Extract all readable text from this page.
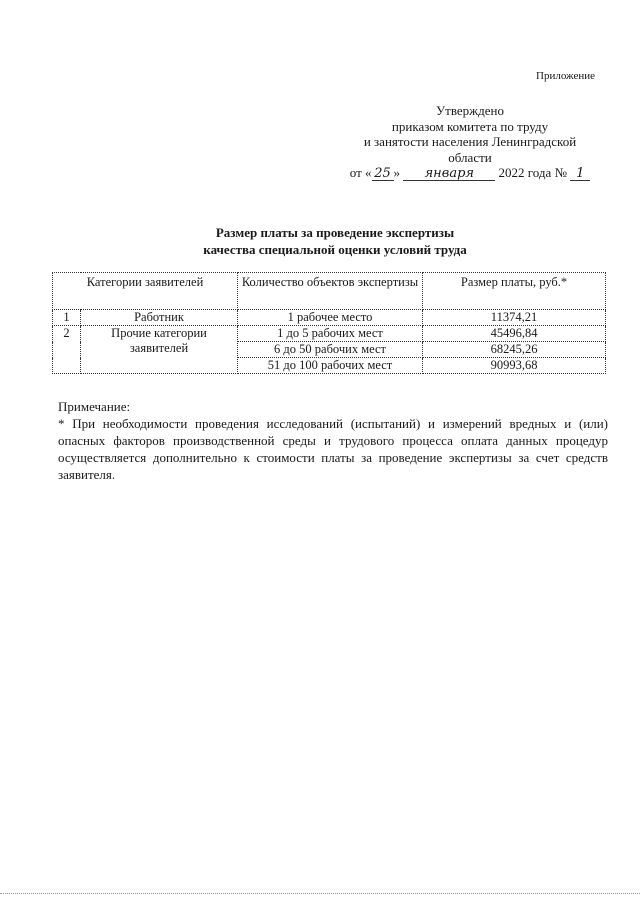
Приложение
Утверждено
приказом комитета по труду
и занятости населения Ленинградской
области
от « 25 » января 2022 года № 1
Размер платы за проведение экспертизы
качества специальной оценки условий труда
Категории заявителей		Количество объектов экспертизы	Размер платы, руб.*
1	Работник	1 рабочее место	11374,21
2	Прочие категории заявителей	1 до 5 рабочих мест	45496,84
		6 до 50 рабочих мест	68245,26
		51 до 100 рабочих мест	90993,68
Примечание:
* При необходимости проведения исследований (испытаний) и измерений вредных и (или) опасных факторов производственной среды и трудового процесса оплата данных процедур осуществляется дополнительно к стоимости платы за проведение экспертизы за счет средств заявителя.
